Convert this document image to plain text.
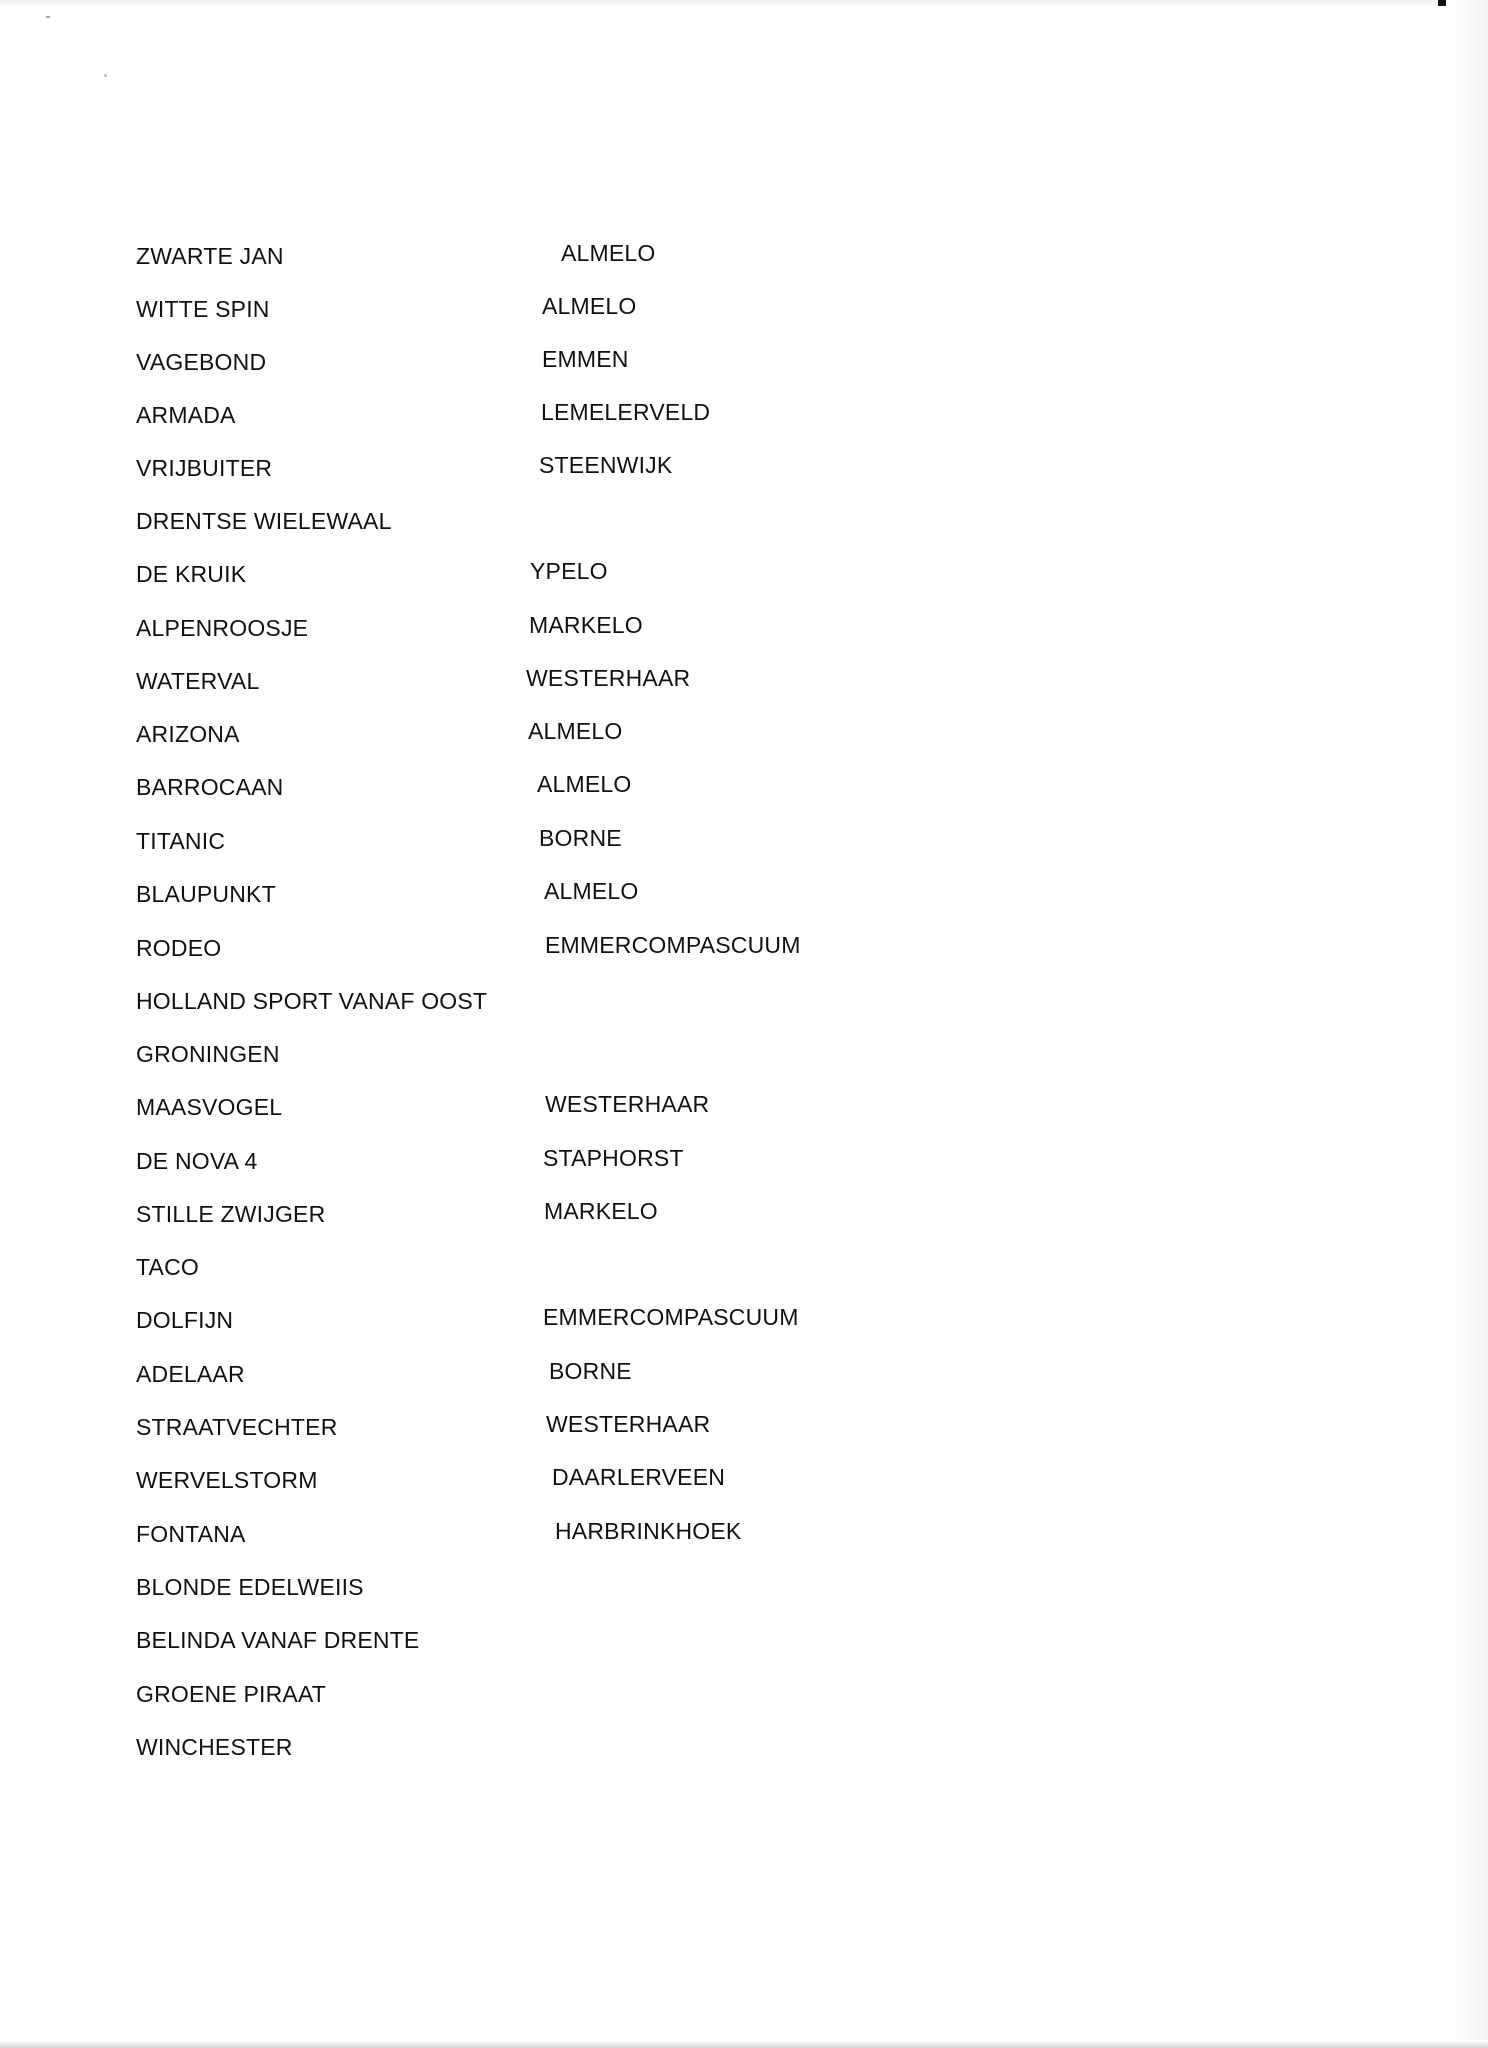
ZWARTE JAN	ALMELO
WITTE SPIN	ALMELO
VAGEBOND	EMMEN
ARMADA	LEMELERVELD
VRIJBUITER	STEENWIJK
DRENTSE WIELEWAAL
DE KRUIK	YPELO
ALPENROOSJE	MARKELO
WATERVAL	WESTERHAAR
ARIZONA	ALMELO
BARROCAAN	ALMELO
TITANIC	BORNE
BLAUPUNKT	ALMELO
RODEO	EMMERCOMPASCUUM
HOLLAND SPORT VANAF OOST
GRONINGEN
MAASVOGEL	WESTERHAAR
DE NOVA 4	STAPHORST
STILLE ZWIJGER	MARKELO
TACO
DOLFIJN	EMMERCOMPASCUUM
ADELAAR	BORNE
STRAATVECHTER	WESTERHAAR
WERVELSTORM	DAARLERVEEN
FONTANA	HARBRINKHOEK
BLONDE EDELWEIIS
BELINDA VANAF DRENTE
GROENE PIRAAT
WINCHESTER
